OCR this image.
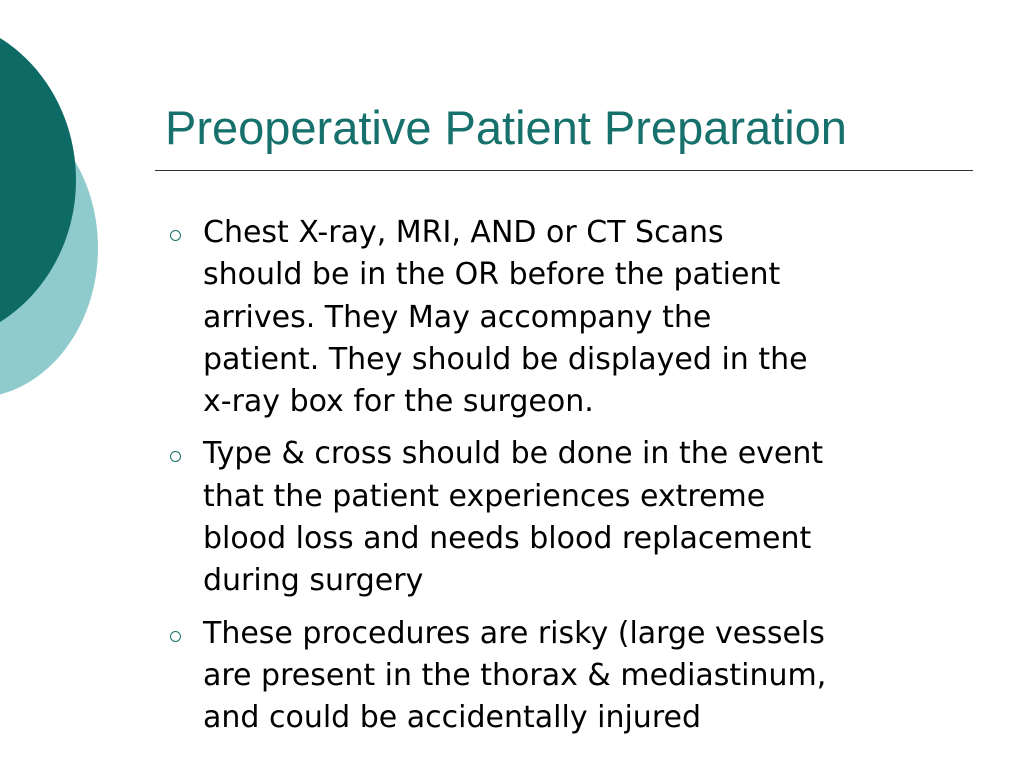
Preoperative Patient Preparation
Chest X-ray, MRI, AND or CT Scans
should be in the OR before the patient
arrives. They May accompany the
patient. They should be displayed in the
x-ray box for the surgeon.
Type & cross should be done in the event
that the patient experiences extreme
blood loss and needs blood replacement
during surgery
These procedures are risky (large vessels
are present in the thorax & mediastinum,
and could be accidentally injured
